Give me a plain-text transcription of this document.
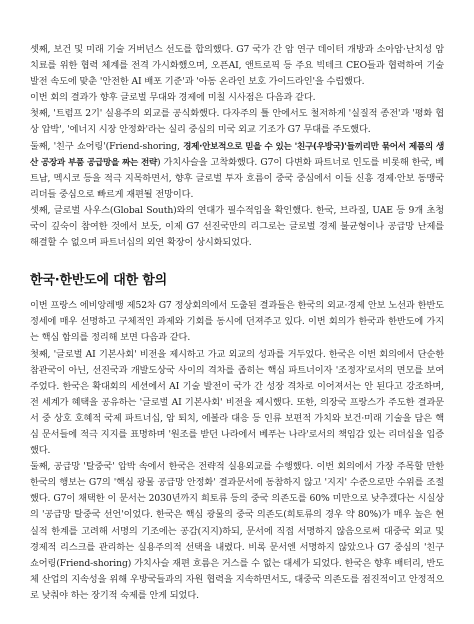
셋째, 보건 및 미래 기술 거버넌스 선도를 합의했다. G7 국가 간 암 연구 데이터 개방과 소아암·난치성 암 치료를 위한 협력 체계를 전격 가시화했으며, 오픈AI, 앤트로픽 등 주요 빅테크 CEO들과 협력하여 기술 발전 속도에 맞춘 '안전한 AI 배포 기준'과 '아동 온라인 보호 가이드라인'을 수립했다.

이번 회의 결과가 향후 글로벌 무대와 경제에 미칠 시사점은 다음과 같다.

첫째, '트럼프 2기' 실용주의 외교를 공식화했다. 다자주의 틀 안에서도 철저하게 '실질적 종전'과 '평화 협상 압박', '에너지 시장 안정화'라는 실리 중심의 미국 외교 기조가 G7 무대를 주도했다.

둘째, '친구 쇼어링'(Friend-shoring, 경제·안보적으로 믿을 수 있는 '친구(우방국)'들끼리만 묶어서 제품의 생산 공장과 부품 공급망을 짜는 전략) 가치사슬을 고착화했다. G7이 다변화 파트너로 인도를 비롯해 한국, 베트남, 멕시코 등을 적극 지목하면서, 향후 글로벌 투자 흐름이 중국 중심에서 이들 신흥 경제·안보 동맹국 리더들 중심으로 빠르게 재편될 전망이다.

셋째, 글로벌 사우스(Global South)와의 연대가 필수적임을 확인했다. 한국, 브라질, UAE 등 9개 초청국이 깊숙이 참여한 것에서 보듯, 이제 G7 선진국만의 리그로는 글로벌 경제 불균형이나 공급망 난제를 해결할 수 없으며 파트너십의 외연 확장이 상시화되었다.

한국·한반도에 대한 함의

이번 프랑스 에비앙레뱅 제52차 G7 정상회의에서 도출된 결과들은 한국의 외교·경제 안보 노선과 한반도 정세에 매우 선명하고 구체적인 과제와 기회를 동시에 던져주고 있다. 이번 회의가 한국과 한반도에 가지는 핵심 함의를 정리해 보면 다음과 같다.

첫째, '글로벌 AI 기본사회' 비전을 제시하고 가교 외교의 성과를 거두었다. 한국은 이번 회의에서 단순한 참관국이 아닌, 선진국과 개발도상국 사이의 격차를 좁히는 핵심 파트너이자 '조정자'로서의 면모를 보여주었다. 한국은 확대회의 세션에서 AI 기술 발전이 국가 간 성장 격차로 이어져서는 안 된다고 강조하며, 전 세계가 혜택을 공유하는 '글로벌 AI 기본사회' 비전을 제시했다. 또한, 의장국 프랑스가 주도한 결과문서 중 상호 호혜적 국제 파트너십, 암 퇴치, 에볼라 대응 등 인류 보편적 가치와 보건·미래 기술을 담은 핵심 문서들에 적극 지지를 표명하며 '원조를 받던 나라에서 베푸는 나라'로서의 책임감 있는 리더십을 입증했다.

둘째, 공급망 '탈중국' 압박 속에서 한국은 전략적 실용외교를 수행했다. 이번 회의에서 가장 주목할 만한 한국의 행보는 G7의 '핵심 광물 공급망 안정화' 결과문서에 동참하지 않고 '지지' 수준으로만 수위를 조절했다. G7이 채택한 이 문서는 2030년까지 희토류 등의 중국 의존도를 60% 미만으로 낮추겠다는 시실상의 '공급망 탈중국 선언'이었다. 한국은 핵심 광물의 중국 의존도(희토류의 경우 약 80%)가 매우 높은 현실적 한계를 고려해 서명의 기조에는 공감(지지)하되, 문서에 직접 서명하지 않음으로써 대중국 외교 및 경제적 리스크를 관리하는 실용주의적 선택을 내렸다. 비록 문서엔 서명하지 않았으나 G7 중심의 '친구 쇼어링(Friend-shoring) 가치사슬 재편 흐름은 거스를 수 없는 대세가 되었다. 한국은 향후 배터리, 반도체 산업의 지속성을 위해 우방국들과의 자원 협력을 지속하면서도, 대중국 의존도를 점진적이고 안정적으로 낮춰야 하는 장기적 숙제를 안게 되었다.
